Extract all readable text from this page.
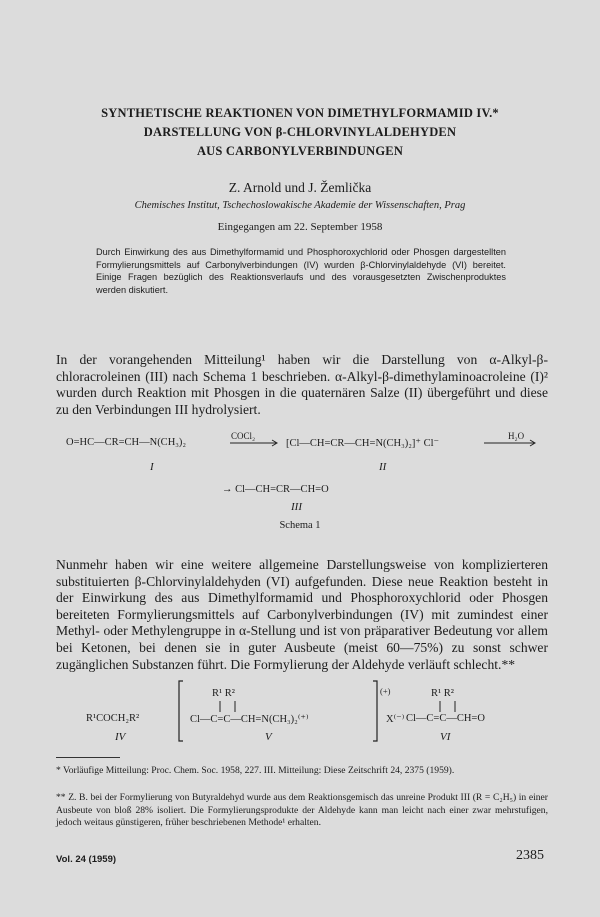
SYNTHETISCHE REAKTIONEN VON DIMETHYLFORMAMID IV.*
DARSTELLUNG VON β-CHLORVINYLALDEHYDEN
AUS CARBONYLVERBINDUNGEN
Z. Arnold und J. Žemlička
Chemisches Institut, Tschechoslowakische Akademie der Wissenschaften, Prag
Eingegangen am 22. September 1958
Durch Einwirkung des aus Dimethylformamid und Phosphoroxychlorid oder Phosgen dargestellten Formylierungsmittels auf Carbonylverbindungen (IV) wurden β-Chlorvinylaldehyde (VI) bereitet. Einige Fragen bezüglich des Reaktionsverlaufs und des vorausgesetzten Zwischenproduktes werden diskutiert.
In der vorangehenden Mitteilung¹ haben wir die Darstellung von α-Alkyl-β-chloracroleinen (III) nach Schema 1 beschrieben. α-Alkyl-β-dimethylaminoacroleine (I)² wurden durch Reaktion mit Phosgen in die quaternären Salze (II) übergeführt und diese zu den Verbindungen III hydrolysiert.
O=HC—CR=CH—N(CH₃)₂
COCl₂
[Cl—CH=CR—CH=N(CH₃)₂]⁺ Cl⁻
H₂O
I	II
→ Cl—CH=CR—CH=O
III
Schema 1
Nunmehr haben wir eine weitere allgemeine Darstellungsweise von komplizierteren substituierten β-Chlorvinylaldehyden (VI) aufgefunden. Diese neue Reaktion besteht in der Einwirkung des aus Dimethylformamid und Phosphoroxychlorid oder Phosgen bereiteten Formylierungsmittels auf Carbonylverbindungen (IV) mit zumindest einer Methyl- oder Methylengruppe in α-Stellung und ist von präparativer Bedeutung vor allem bei Ketonen, bei denen sie in guter Ausbeute (meist 60—75%) zu sonst schwer zugänglichen Substanzen führt. Die Formylierung der Aldehyde verläuft schlecht.**
R¹COCH₂R²
IV
R¹ R²
Cl—C=C—CH=N(CH₃)₂⁽⁺⁾
(+)
X⁽⁻⁾
V
R¹ R²
Cl—C=C—CH=O
VI
* Vorläufige Mitteilung: Proc. Chem. Soc. 1958, 227. III. Mitteilung: Diese Zeitschrift 24, 2375 (1959).
** Z. B. bei der Formylierung von Butyraldehyd wurde aus dem Reaktionsgemisch das unreine Produkt III (R = C₂H₅) in einer Ausbeute von bloß 28% isoliert. Die Formylierungsprodukte der Aldehyde kann man leicht nach einer zwar mehrstufigen, jedoch weitaus günstigeren, früher beschriebenen Methode¹ erhalten.
Vol. 24 (1959)	2385
